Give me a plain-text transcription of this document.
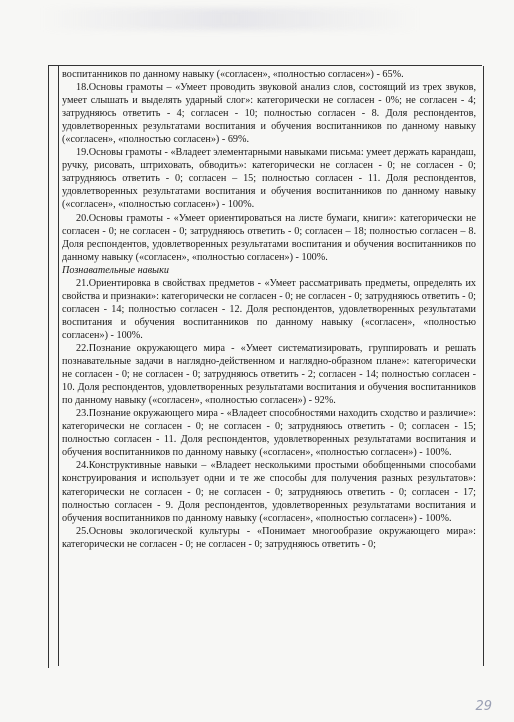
воспитанников по данному навыку («согласен», «полностью согласен») - 65%.

18.Основы грамоты – «Умеет проводить звуковой анализ слов, состоящий из трех звуков, умеет слышать и выделять ударный слог»: категорически не согласен - 0%; не согласен - 4; затрудняюсь ответить - 4; согласен - 10; полностью согласен - 8. Доля респондентов, удовлетворенных результатами воспитания и обучения воспитанников по данному навыку («согласен», «полностью согласен») - 69%.

19.Основы грамоты - «Владеет элементарными навыками письма: умеет держать карандаш, ручку, рисовать, штриховать, обводить»: категорически не согласен - 0; не согласен - 0; затрудняюсь ответить - 0; согласен – 15; полностью согласен - 11. Доля респондентов, удовлетворенных результатами воспитания и обучения воспитанников по данному навыку («согласен», «полностью согласен») - 100%.

20.Основы грамоты - «Умеет ориентироваться на листе бумаги, книги»: категорически не согласен - 0; не согласен - 0; затрудняюсь ответить - 0; согласен – 18; полностью согласен – 8. Доля респондентов, удовлетворенных результатами воспитания и обучения воспитанников по данному навыку («согласен», «полностью согласен») - 100%.

Познавательные навыки

21.Ориентировка в свойствах предметов - «Умеет рассматривать предметы, определять их свойства и признаки»: категорически не согласен - 0; не согласен - 0; затрудняюсь ответить - 0; согласен - 14; полностью согласен - 12. Доля респондентов, удовлетворенных результатами воспитания и обучения воспитанников по данному навыку («согласен», «полностью согласен») - 100%.

22.Познание окружающего мира - «Умеет систематизировать, группировать и решать познавательные задачи в наглядно-действенном и наглядно-образном плане»: категорически не согласен - 0; не согласен - 0; затрудняюсь ответить - 2; согласен - 14; полностью согласен - 10. Доля респондентов, удовлетворенных результатами воспитания и обучения воспитанников по данному навыку («согласен», «полностью согласен») - 92%.

23.Познание окружающего мира - «Владеет способностями находить сходство и различие»: категорически не согласен - 0; не согласен - 0; затрудняюсь ответить - 0; согласен - 15; полностью согласен - 11. Доля респондентов, удовлетворенных результатами воспитания и обучения воспитанников по данному навыку («согласен», «полностью согласен») - 100%.

24.Конструктивные навыки – «Владеет несколькими простыми обобщенными способами конструирования и использует одни и те же способы для получения разных результатов»: категорически не согласен - 0; не согласен - 0; затрудняюсь ответить - 0; согласен - 17; полностью согласен - 9. Доля респондентов, удовлетворенных результатами воспитания и обучения воспитанников по данному навыку («согласен», «полностью согласен») - 100%.

25.Основы экологической культуры - «Понимает многообразие окружающего мира»: категорически не согласен - 0; не согласен - 0; затрудняюсь ответить - 0;

29
